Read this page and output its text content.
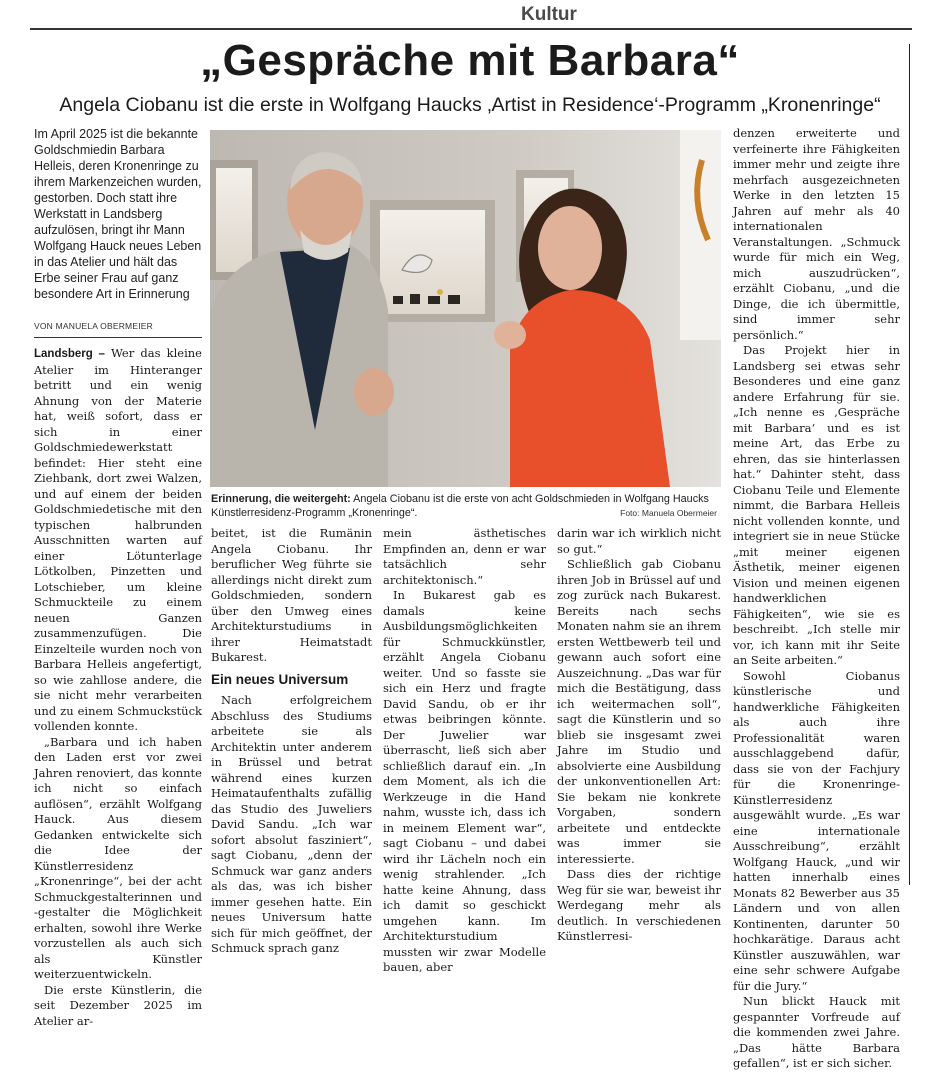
Kultur
„Gespräche mit Barbara“
Angela Ciobanu ist die erste in Wolfgang Haucks ‚Artist in Residence‘-Programm „Kronenringe“
Im April 2025 ist die bekannte Goldschmiedin Barbara Helleis, deren Kronenringe zu ihrem Markenzeichen wurden, gestorben. Doch statt ihre Werkstatt in Landsberg aufzulösen, bringt ihr Mann Wolfgang Hauck neues Leben in das Atelier und hält das Erbe seiner Frau auf ganz besondere Art in Erinnerung
VON MANUELA OBERMEIER
Erinnerung, die weitergeht: Angela Ciobanu ist die erste von acht Goldschmieden in Wolfgang Haucks Künstlerresidenz-Programm „Kronenringe“.	Foto: Manuela Obermeier

Landsberg – Wer das kleine Atelier im Hinteranger betritt und ein wenig Ahnung von der Materie hat, weiß sofort, dass er sich in einer Goldschmiedewerkstatt befindet: Hier steht eine Ziehbank, dort zwei Walzen, und auf einem der beiden Goldschmiedetische mit den typischen halbrunden Ausschnitten warten auf einer Lötunterlage Lötkolben, Pinzetten und Lotschieber, um kleine Schmuckteile zu einem neuen Ganzen zusammenzufügen. Die Einzelteile wurden noch von Barbara Helleis angefertigt, so wie zahllose andere, die sie nicht mehr verarbeiten und zu einem Schmuckstück vollenden konnte.

„Barbara und ich haben den Laden erst vor zwei Jahren renoviert, das konnte ich nicht so einfach auflösen“, erzählt Wolfgang Hauck. Aus diesem Gedanken entwickelte sich die Idee der Künstlerresidenz „Kronenringe“, bei der acht Schmuckgestalterinnen und -gestalter die Möglichkeit erhalten, sowohl ihre Werke vorzustellen als auch sich als Künstler weiterzuentwickeln.

Die erste Künstlerin, die seit Dezember 2025 im Atelier ar-

beitet, ist die Rumänin Angela Ciobanu. Ihr beruflicher Weg führte sie allerdings nicht direkt zum Goldschmieden, sondern über den Umweg eines Architekturstudiums in ihrer Heimatstadt Bukarest.

Ein neues Universum

Nach erfolgreichem Abschluss des Studiums arbeitete sie als Architektin unter anderem in Brüssel und betrat während eines kurzen Heimataufenthalts zufällig das Studio des Juweliers David Sandu. „Ich war sofort absolut fasziniert“, sagt Ciobanu, „denn der Schmuck war ganz anders als das, was ich bisher immer gesehen hatte. Ein neues Universum hatte sich für mich geöffnet, der Schmuck sprach ganz

mein ästhetisches Empfinden an, denn er war tatsächlich sehr architektonisch.“

In Bukarest gab es damals keine Ausbildungsmöglichkeiten für Schmuckkünstler, erzählt Angela Ciobanu weiter. Und so fasste sie sich ein Herz und fragte David Sandu, ob er ihr etwas beibringen könnte. Der Juwelier war überrascht, ließ sich aber schließlich darauf ein. „In dem Moment, als ich die Werkzeuge in die Hand nahm, wusste ich, dass ich in meinem Element war“, sagt Ciobanu – und dabei wird ihr Lächeln noch ein wenig strahlender. „Ich hatte keine Ahnung, dass ich damit so geschickt umgehen kann. Im Architekturstudium mussten wir zwar Modelle bauen, aber

darin war ich wirklich nicht so gut.“

Schließlich gab Ciobanu ihren Job in Brüssel auf und zog zurück nach Bukarest. Bereits nach sechs Monaten nahm sie an ihrem ersten Wettbewerb teil und gewann auch sofort eine Auszeichnung. „Das war für mich die Bestätigung, dass ich weitermachen soll“, sagt die Künstlerin und so blieb sie insgesamt zwei Jahre im Studio und absolvierte eine Ausbildung der unkonventionellen Art: Sie bekam nie konkrete Vorgaben, sondern arbeitete und entdeckte was immer sie interessierte.

Dass dies der richtige Weg für sie war, beweist ihr Werdegang mehr als deutlich. In verschiedenen Künstlerresi-

denzen erweiterte und verfeinerte ihre Fähigkeiten immer mehr und zeigte ihre mehrfach ausgezeichneten Werke in den letzten 15 Jahren auf mehr als 40 internationalen Veranstaltungen. „Schmuck wurde für mich ein Weg, mich auszudrücken“, erzählt Ciobanu, „und die Dinge, die ich übermittle, sind immer sehr persönlich.“

Das Projekt hier in Landsberg sei etwas sehr Besonderes und eine ganz andere Erfahrung für sie. „Ich nenne es ‚Gespräche mit Barbara‘ und es ist meine Art, das Erbe zu ehren, das sie hinterlassen hat.“ Dahinter steht, dass Ciobanu Teile und Elemente nimmt, die Barbara Helleis nicht vollenden konnte, und integriert sie in neue Stücke „mit meiner eigenen Ästhetik, meiner eigenen Vision und meinen eigenen handwerklichen Fähigkeiten“, wie sie es beschreibt. „Ich stelle mir vor, ich kann mit ihr Seite an Seite arbeiten.“

Sowohl Ciobanus künstlerische und handwerkliche Fähigkeiten als auch ihre Professionalität waren ausschlaggebend dafür, dass sie von der Fachjury für die Kronenringe-Künstlerresidenz ausgewählt wurde. „Es war eine internationale Ausschreibung“, erzählt Wolfgang Hauck, „und wir hatten innerhalb eines Monats 82 Bewerber aus 35 Ländern und von allen Kontinenten, darunter 50 hochkarätige. Daraus acht Künstler auszuwählen, war eine sehr schwere Aufgabe für die Jury.“

Nun blickt Hauck mit gespannter Vorfreude auf die kommenden zwei Jahre. „Das hätte Barbara gefallen“, ist er sich sicher.
